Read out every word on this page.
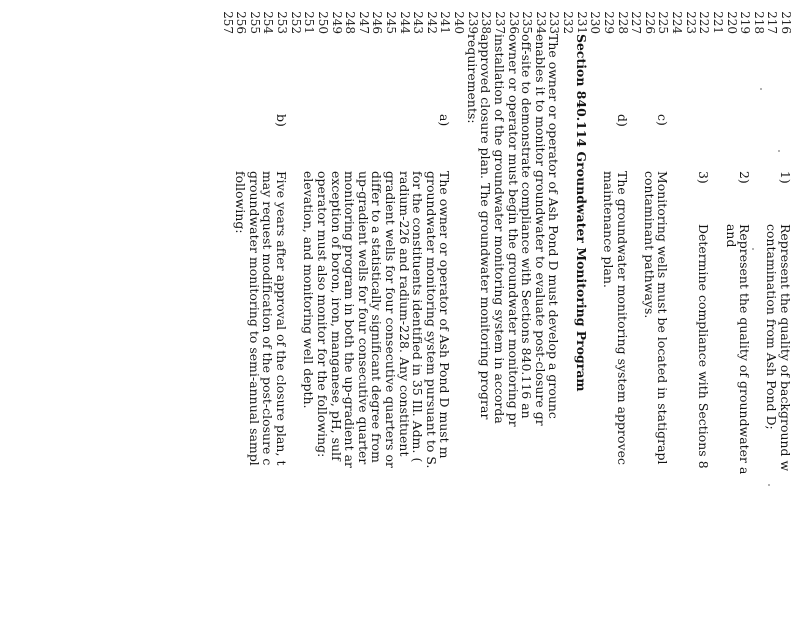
216
217
218
219
220
221
222
223
224
225
226
227
228
229
230
231
232
233
234
235
236
237
238
239
240
241
242
243
244
245
246
247
248
249
250
251
252
253
254
255
256
257
1)
Represent the quality of background w
contamination from Ash Pond D;
2)
Represent the quality of groundwater a
and
3)
Determine compliance with Sections 8
c)
Monitoring wells must be located in statigrapl
contaminant pathways.
d)
The groundwater monitoring system approvec
maintenance plan.
Section 840.114 Groundwater Monitoring Program
The owner or operator of Ash Pond D must develop a grounc
enables it to monitor groundwater to evaluate post-closure gr
off-site to demonstrate compliance with Sections 840.116 an
owner or operator must begin the groundwater monitoring pr
installation of the groundwater monitoring system in accorda
approved closure plan. The groundwater monitoring prograr
requirements:
a)
The owner or operator of Ash Pond D must m
groundwater monitoring system pursuant to S.
for the constituents identified in 35 Ill. Adm. (
radium-226 and radium-228. Any constituent
gradient wells for four consecutive quarters or
differ to a statistically significant degree from
up-gradient wells for four consecutive quarter
monitoring program in both the up-gradient ar
exception of boron, iron, manganese, pH, sulf
operator must also monitor for the following:
elevation, and monitoring well depth.
b)
Five years after approval of the closure plan, t
may request modification of the post-closure c
groundwater monitoring to semi-annual sampl
following:
